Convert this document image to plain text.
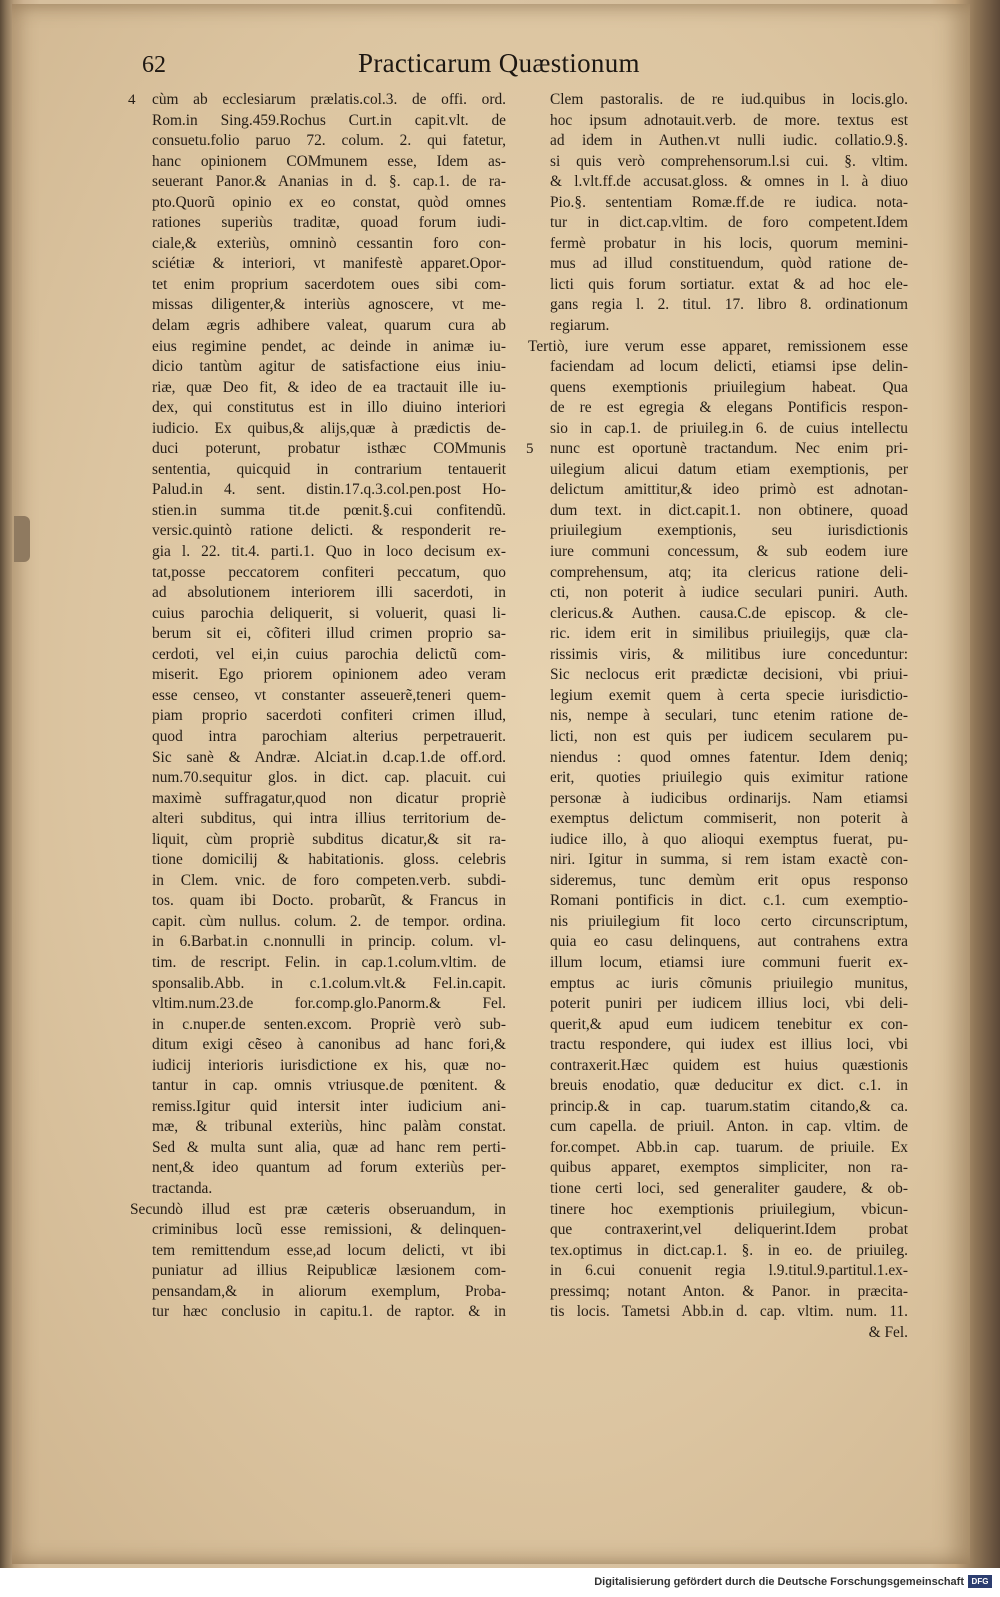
62	Practicarum Quæstionum
4 cùm ab ecclesiarum prælatis.col.3. de offi. ord.
Rom.in Sing.459.Rochus Curt.in capit.vlt. de
consuetu.folio paruo 72. colum. 2. qui fatetur,
hanc opinionem COMmunem esse, Idem as-
seuerant Panor.& Ananias in d. §. cap.1. de ra-
pto.Quorũ opinio ex eo constat, quòd omnes
rationes superiùs traditæ, quoad forum iudi-
ciale,& exteriùs, omninò cessantin foro con-
sciétiæ & interiori, vt manifestè apparet.Opor-
tet enim proprium sacerdotem oues sibi com-
missas diligenter,& interiùs agnoscere, vt me-
delam ægris adhibere valeat, quarum cura ab
eius regimine pendet, ac deinde in animæ iu-
dicio tantùm agitur de satisfactione eius iniu-
riæ, quæ Deo fit, & ideo de ea tractauit ille iu-
dex, qui constitutus est in illo diuino interiori
iudicio. Ex quibus,& alijs,quæ à prædictis de-
duci poterunt, probatur isthæc COMmunis
sententia, quicquid in contrarium tentauerit
Palud.in 4. sent. distin.17.q.3.col.pen.post Ho-
stien.in summa tit.de pœnit.§.cui confitendũ.
versic.quintò ratione delicti. & responderit re-
gia l. 22. tit.4. parti.1. Quo in loco decisum ex-
tat,posse peccatorem confiteri peccatum, quo
ad absolutionem interiorem illi sacerdoti, in
cuius parochia deliquerit, si voluerit, quasi li-
berum sit ei, cõfiteri illud crimen proprio sa-
cerdoti, vel ei,in cuius parochia delictũ com-
miserit. Ego priorem opinionem adeo veram
esse censeo, vt constanter asseuerẽ,teneri quem-
piam proprio sacerdoti confiteri crimen illud,
quod intra parochiam alterius perpetrauerit.
Sic sanè & Andræ. Alciat.in d.cap.1.de off.ord.
num.70.sequitur glos. in dict. cap. placuit. cui
maximè suffragatur,quod non dicatur propriè
alteri subditus, qui intra illius territorium de-
liquit, cùm propriè subditus dicatur,& sit ra-
tione domicilij & habitationis. gloss. celebris
in Clem. vnic. de foro competen.verb. subdi-
tos. quam ibi Docto. probarũt, & Francus in
capit. cùm nullus. colum. 2. de tempor. ordina.
in 6.Barbat.in c.nonnulli in princip. colum. vl-
tim. de rescript. Felin. in cap.1.colum.vltim. de
sponsalib.Abb. in c.1.colum.vlt.& Fel.in.capit.
vltim.num.23.de for.comp.glo.Panorm.& Fel.
in c.nuper.de senten.excom. Propriè verò sub-
ditum exigi cẽseo à canonibus ad hanc fori,&
iudicij interioris iurisdictione ex his, quæ no-
tantur in cap. omnis vtriusque.de pœnitent. &
remiss.Igitur quid intersit inter iudicium ani-
mæ, & tribunal exteriùs, hinc palàm constat.
Sed & multa sunt alia, quæ ad hanc rem perti-
nent,& ideo quantum ad forum exteriùs per-
tractanda.
Secundò illud est præ cæteris obseruandum, in
criminibus locũ esse remissioni, & delinquen-
tem remittendum esse,ad locum delicti, vt ibi
puniatur ad illius Reipublicæ læsionem com-
pensandam,& in aliorum exemplum, Proba-
tur hæc conclusio in capitu.1. de raptor. & in
Clem pastoralis. de re iud.quibus in locis.glo.
hoc ipsum adnotauit.verb. de more. textus est
ad idem in Authen.vt nulli iudic. collatio.9.§.
si quis verò comprehensorum.l.si cui. §. vltim.
& l.vlt.ff.de accusat.gloss. & omnes in l. à diuo
Pio.§. sententiam Romæ.ff.de re iudica. nota-
tur in dict.cap.vltim. de foro competent.Idem
fermè probatur in his locis, quorum memini-
mus ad illud constituendum, quòd ratione de-
licti quis forum sortiatur. extat & ad hoc ele-
gans regia l. 2. titul. 17. libro 8. ordinationum
regiarum.
Tertiò, iure verum esse apparet, remissionem esse
faciendam ad locum delicti, etiamsi ipse delin-
quens exemptionis priuilegium habeat. Qua
de re est egregia & elegans Pontificis respon-
sio in cap.1. de priuileg.in 6. de cuius intellectu
5 nunc est oportunè tractandum. Nec enim pri-
uilegium alicui datum etiam exemptionis, per
delictum amittitur,& ideo primò est adnotan-
dum text. in dict.capit.1. non obtinere, quoad
priuilegium exemptionis, seu iurisdictionis
iure communi concessum, & sub eodem iure
comprehensum, atq; ita clericus ratione deli-
cti, non poterit à iudice seculari puniri. Auth.
clericus.& Authen. causa.C.de episcop. & cle-
ric. idem erit in similibus priuilegijs, quæ cla-
rissimis viris, & militibus iure conceduntur:
Sic neclocus erit prædictæ decisioni, vbi priui-
legium exemit quem à certa specie iurisdictio-
nis, nempe à seculari, tunc etenim ratione de-
licti, non est quis per iudicem secularem pu-
niendus : quod omnes fatentur. Idem deniq;
erit, quoties priuilegio quis eximitur ratione
personæ à iudicibus ordinarijs. Nam etiamsi
exemptus delictum commiserit, non poterit à
iudice illo, à quo alioqui exemptus fuerat, pu-
niri. Igitur in summa, si rem istam exactè con-
sideremus, tunc demùm erit opus responso
Romani pontificis in dict. c.1. cum exemptio-
nis priuilegium fit loco certo circunscriptum,
quia eo casu delinquens, aut contrahens extra
illum locum, etiamsi iure communi fuerit ex-
emptus ac iuris cõmunis priuilegio munitus,
poterit puniri per iudicem illius loci, vbi deli-
querit,& apud eum iudicem tenebitur ex con-
tractu respondere, qui iudex est illius loci, vbi
contraxerit.Hæc quidem est huius quæstionis
breuis enodatio, quæ deducitur ex dict. c.1. in
princip.& in cap. tuarum.statim citando,& ca.
cum capella. de priuil. Anton. in cap. vltim. de
for.compet. Abb.in cap. tuarum. de priuile. Ex
quibus apparet, exemptos simpliciter, non ra-
tione certi loci, sed generaliter gaudere, & ob-
tinere hoc exemptionis priuilegium, vbicun-
que contraxerint,vel deliquerint.Idem probat
tex.optimus in dict.cap.1. §. in eo. de priuileg.
in 6.cui conuenit regia l.9.titul.9.partitul.1.ex-
pressimq; notant Anton. & Panor. in præcita-
tis locis. Tametsi Abb.in d. cap. vltim. num. 11.
& Fel.
Digitalisierung gefördert durch die Deutsche Forschungsgemeinschaft DFG
